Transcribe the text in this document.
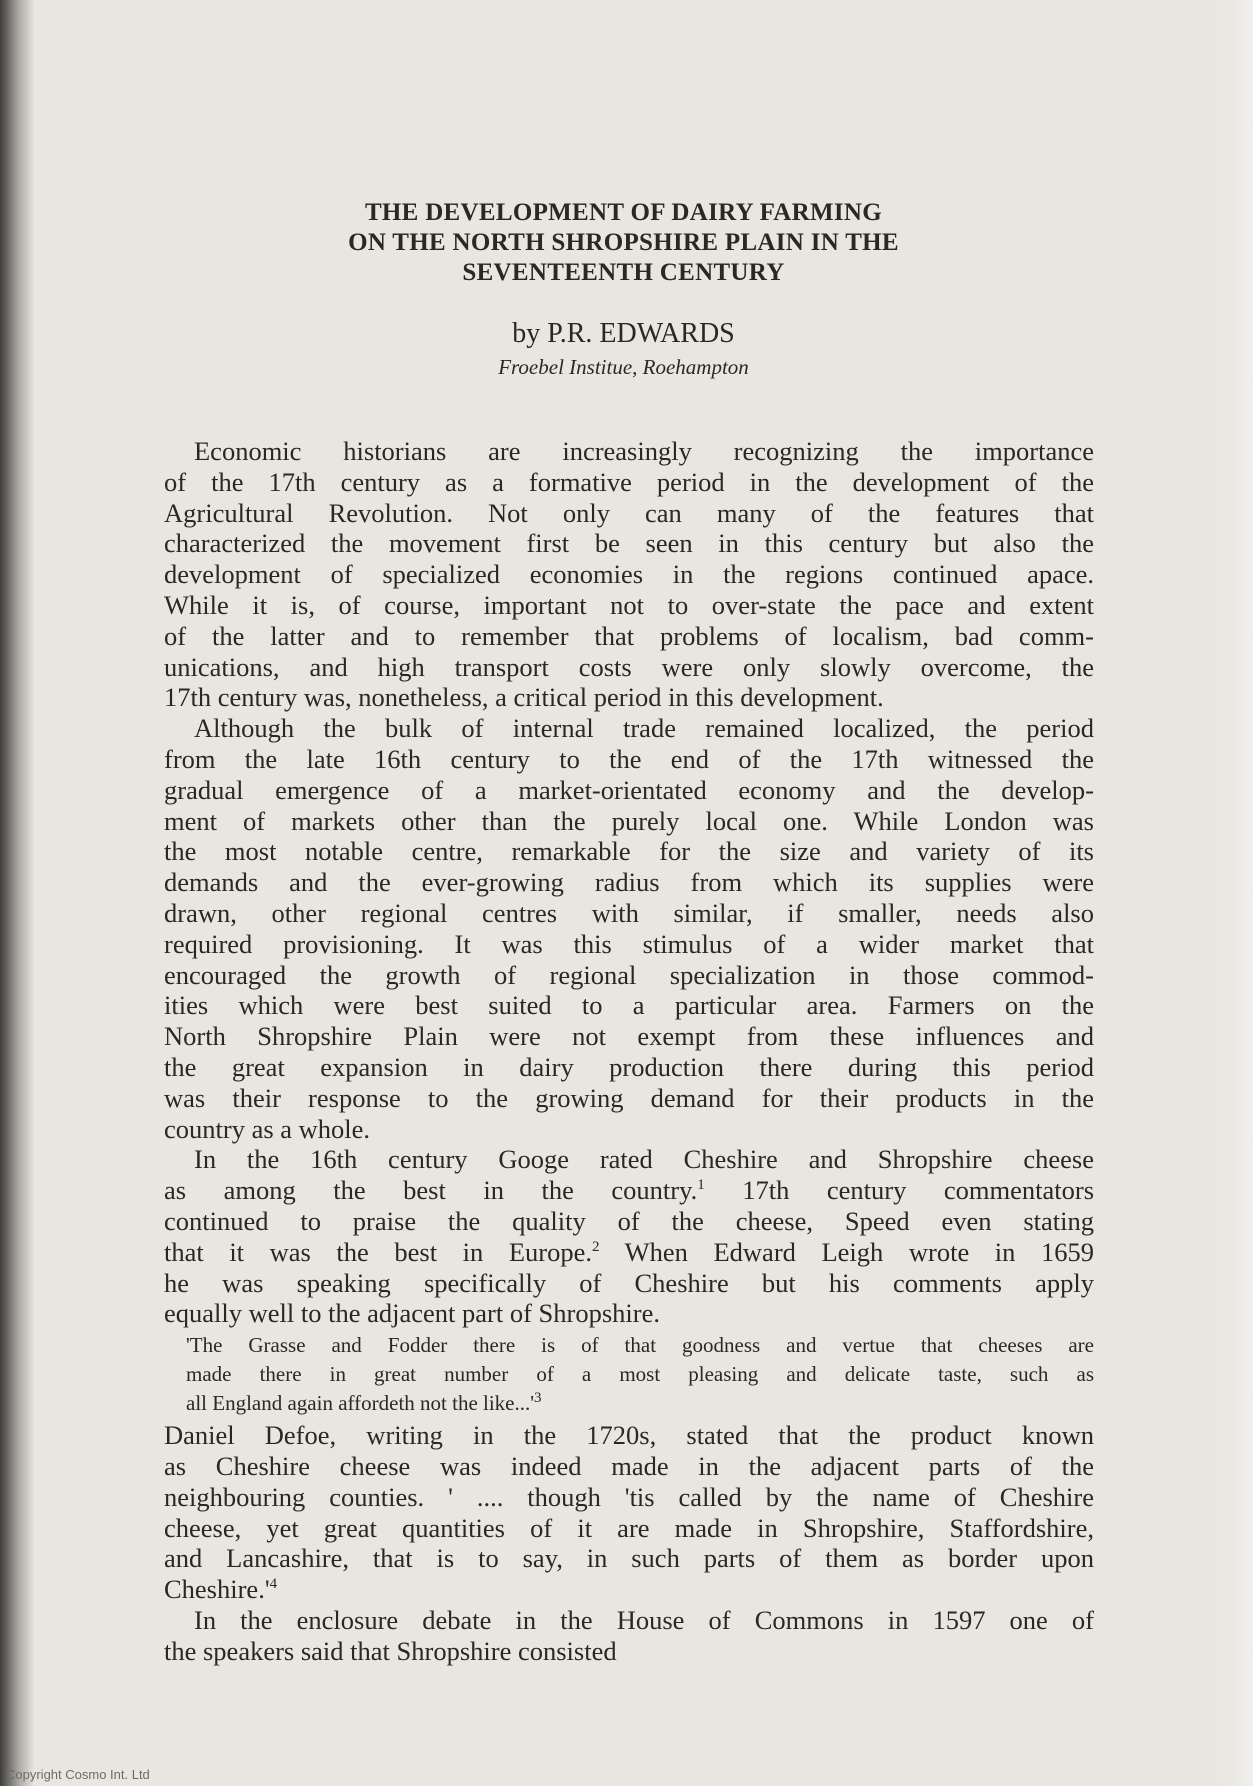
THE DEVELOPMENT OF DAIRY FARMING
ON THE NORTH SHROPSHIRE PLAIN IN THE
SEVENTEENTH CENTURY
by P.R. EDWARDS
Froebel Institue, Roehampton
Economic historians are increasingly recognizing the importance
of the 17th century as a formative period in the development of the
Agricultural Revolution. Not only can many of the features that
characterized the movement first be seen in this century but also the
development of specialized economies in the regions continued apace.
While it is, of course, important not to over-state the pace and extent
of the latter and to remember that problems of localism, bad comm-
unications, and high transport costs were only slowly overcome, the
17th century was, nonetheless, a critical period in this development.
Although the bulk of internal trade remained localized, the period
from the late 16th century to the end of the 17th witnessed the
gradual emergence of a market-orientated economy and the develop-
ment of markets other than the purely local one. While London was
the most notable centre, remarkable for the size and variety of its
demands and the ever-growing radius from which its supplies were
drawn, other regional centres with similar, if smaller, needs also
required provisioning. It was this stimulus of a wider market that
encouraged the growth of regional specialization in those commod-
ities which were best suited to a particular area. Farmers on the
North Shropshire Plain were not exempt from these influences and
the great expansion in dairy production there during this period
was their response to the growing demand for their products in the
country as a whole.
In the 16th century Googe rated Cheshire and Shropshire cheese
as among the best in the country.$^1$ 17th century commentators
continued to praise the quality of the cheese, Speed even stating
that it was the best in Europe.$^2$ When Edward Leigh wrote in 1659
he was speaking specifically of Cheshire but his comments apply
equally well to the adjacent part of Shropshire.
'The Grasse and Fodder there is of that goodness and vertue that cheeses are
made there in great number of a most pleasing and delicate taste, such as
all England again affordeth not the $like...'^3$
Daniel Defoe, writing in the 1720s, stated that the product known
as Cheshire cheese was indeed made in the adjacent parts of the
neighbouring counties. ' .... though 'tis called by the name of Cheshire
cheese, yet great quantities of it are made in Shropshire, Staffordshire,
and Lancashire, that is to say, in such parts of them as border upon
$Cheshire.'^4$
In the enclosure debate in the House of Commons in 1597 one of
the speakers said that Shropshire consisted
Copyright Cosmo Int. Ltd
